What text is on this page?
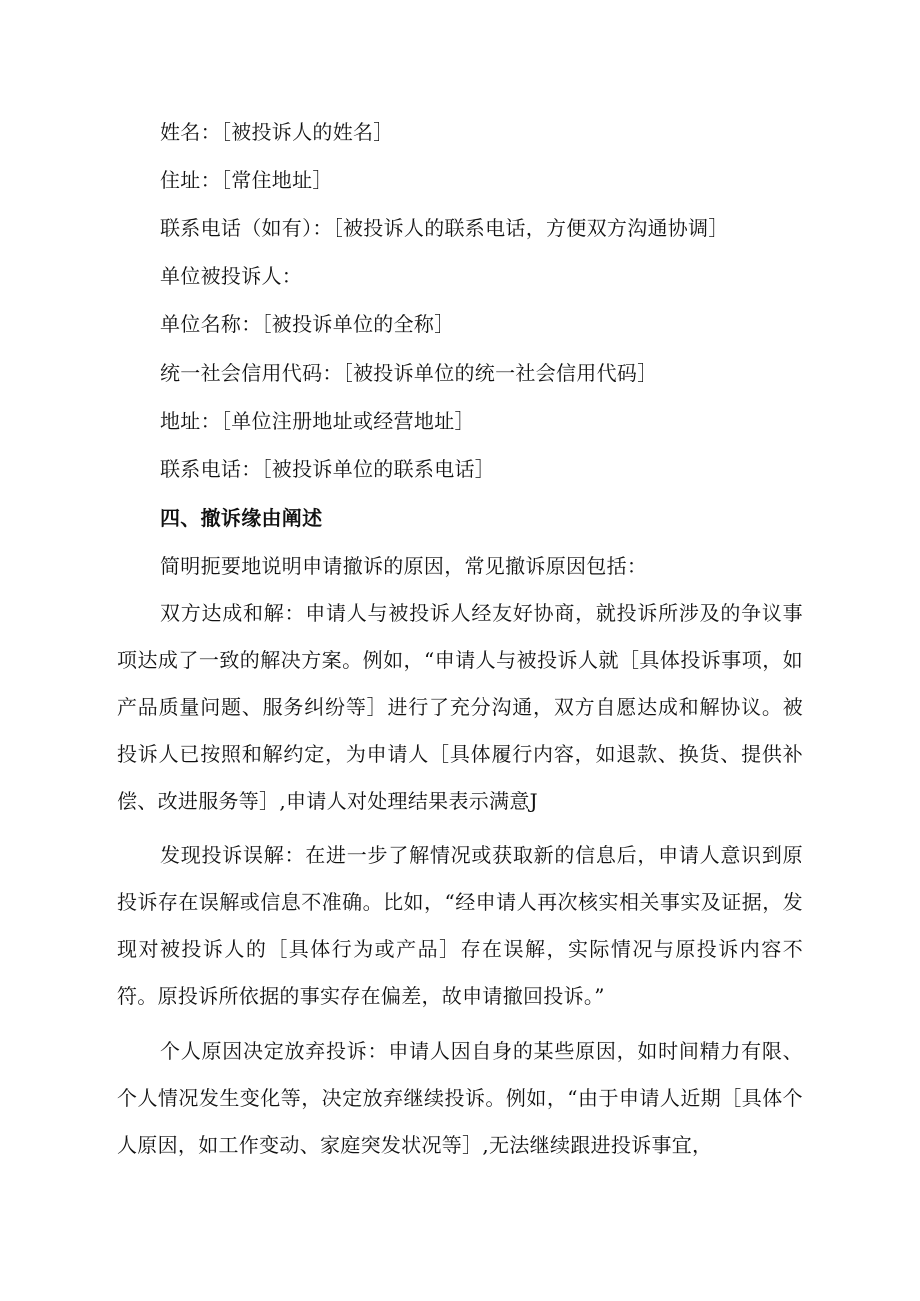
姓名：［被投诉人的姓名］
住址：［常住地址］
联系电话（如有）：［被投诉人的联系电话，方便双方沟通协调］
单位被投诉人：
单位名称：［被投诉单位的全称］
统一社会信用代码：［被投诉单位的统一社会信用代码］
地址：［单位注册地址或经营地址］
联系电话：［被投诉单位的联系电话］
四、撤诉缘由阐述
简明扼要地说明申请撤诉的原因，常见撤诉原因包括：
双方达成和解：申请人与被投诉人经友好协商，就投诉所涉及的争议事项达成了一致的解决方案。例如，“申请人与被投诉人就［具体投诉事项，如产品质量问题、服务纠纷等］进行了充分沟通，双方自愿达成和解协议。被投诉人已按照和解约定，为申请人［具体履行内容，如退款、换货、提供补偿、改进服务等］,申请人对处理结果表示满意J
发现投诉误解：在进一步了解情况或获取新的信息后，申请人意识到原投诉存在误解或信息不准确。比如，“经申请人再次核实相关事实及证据，发现对被投诉人的［具体行为或产品］存在误解，实际情况与原投诉内容不符。原投诉所依据的事实存在偏差，故申请撤回投诉。”
个人原因决定放弃投诉：申请人因自身的某些原因，如时间精力有限、个人情况发生变化等，决定放弃继续投诉。例如，“由于申请人近期［具体个人原因，如工作变动、家庭突发状况等］,无法继续跟进投诉事宜，
